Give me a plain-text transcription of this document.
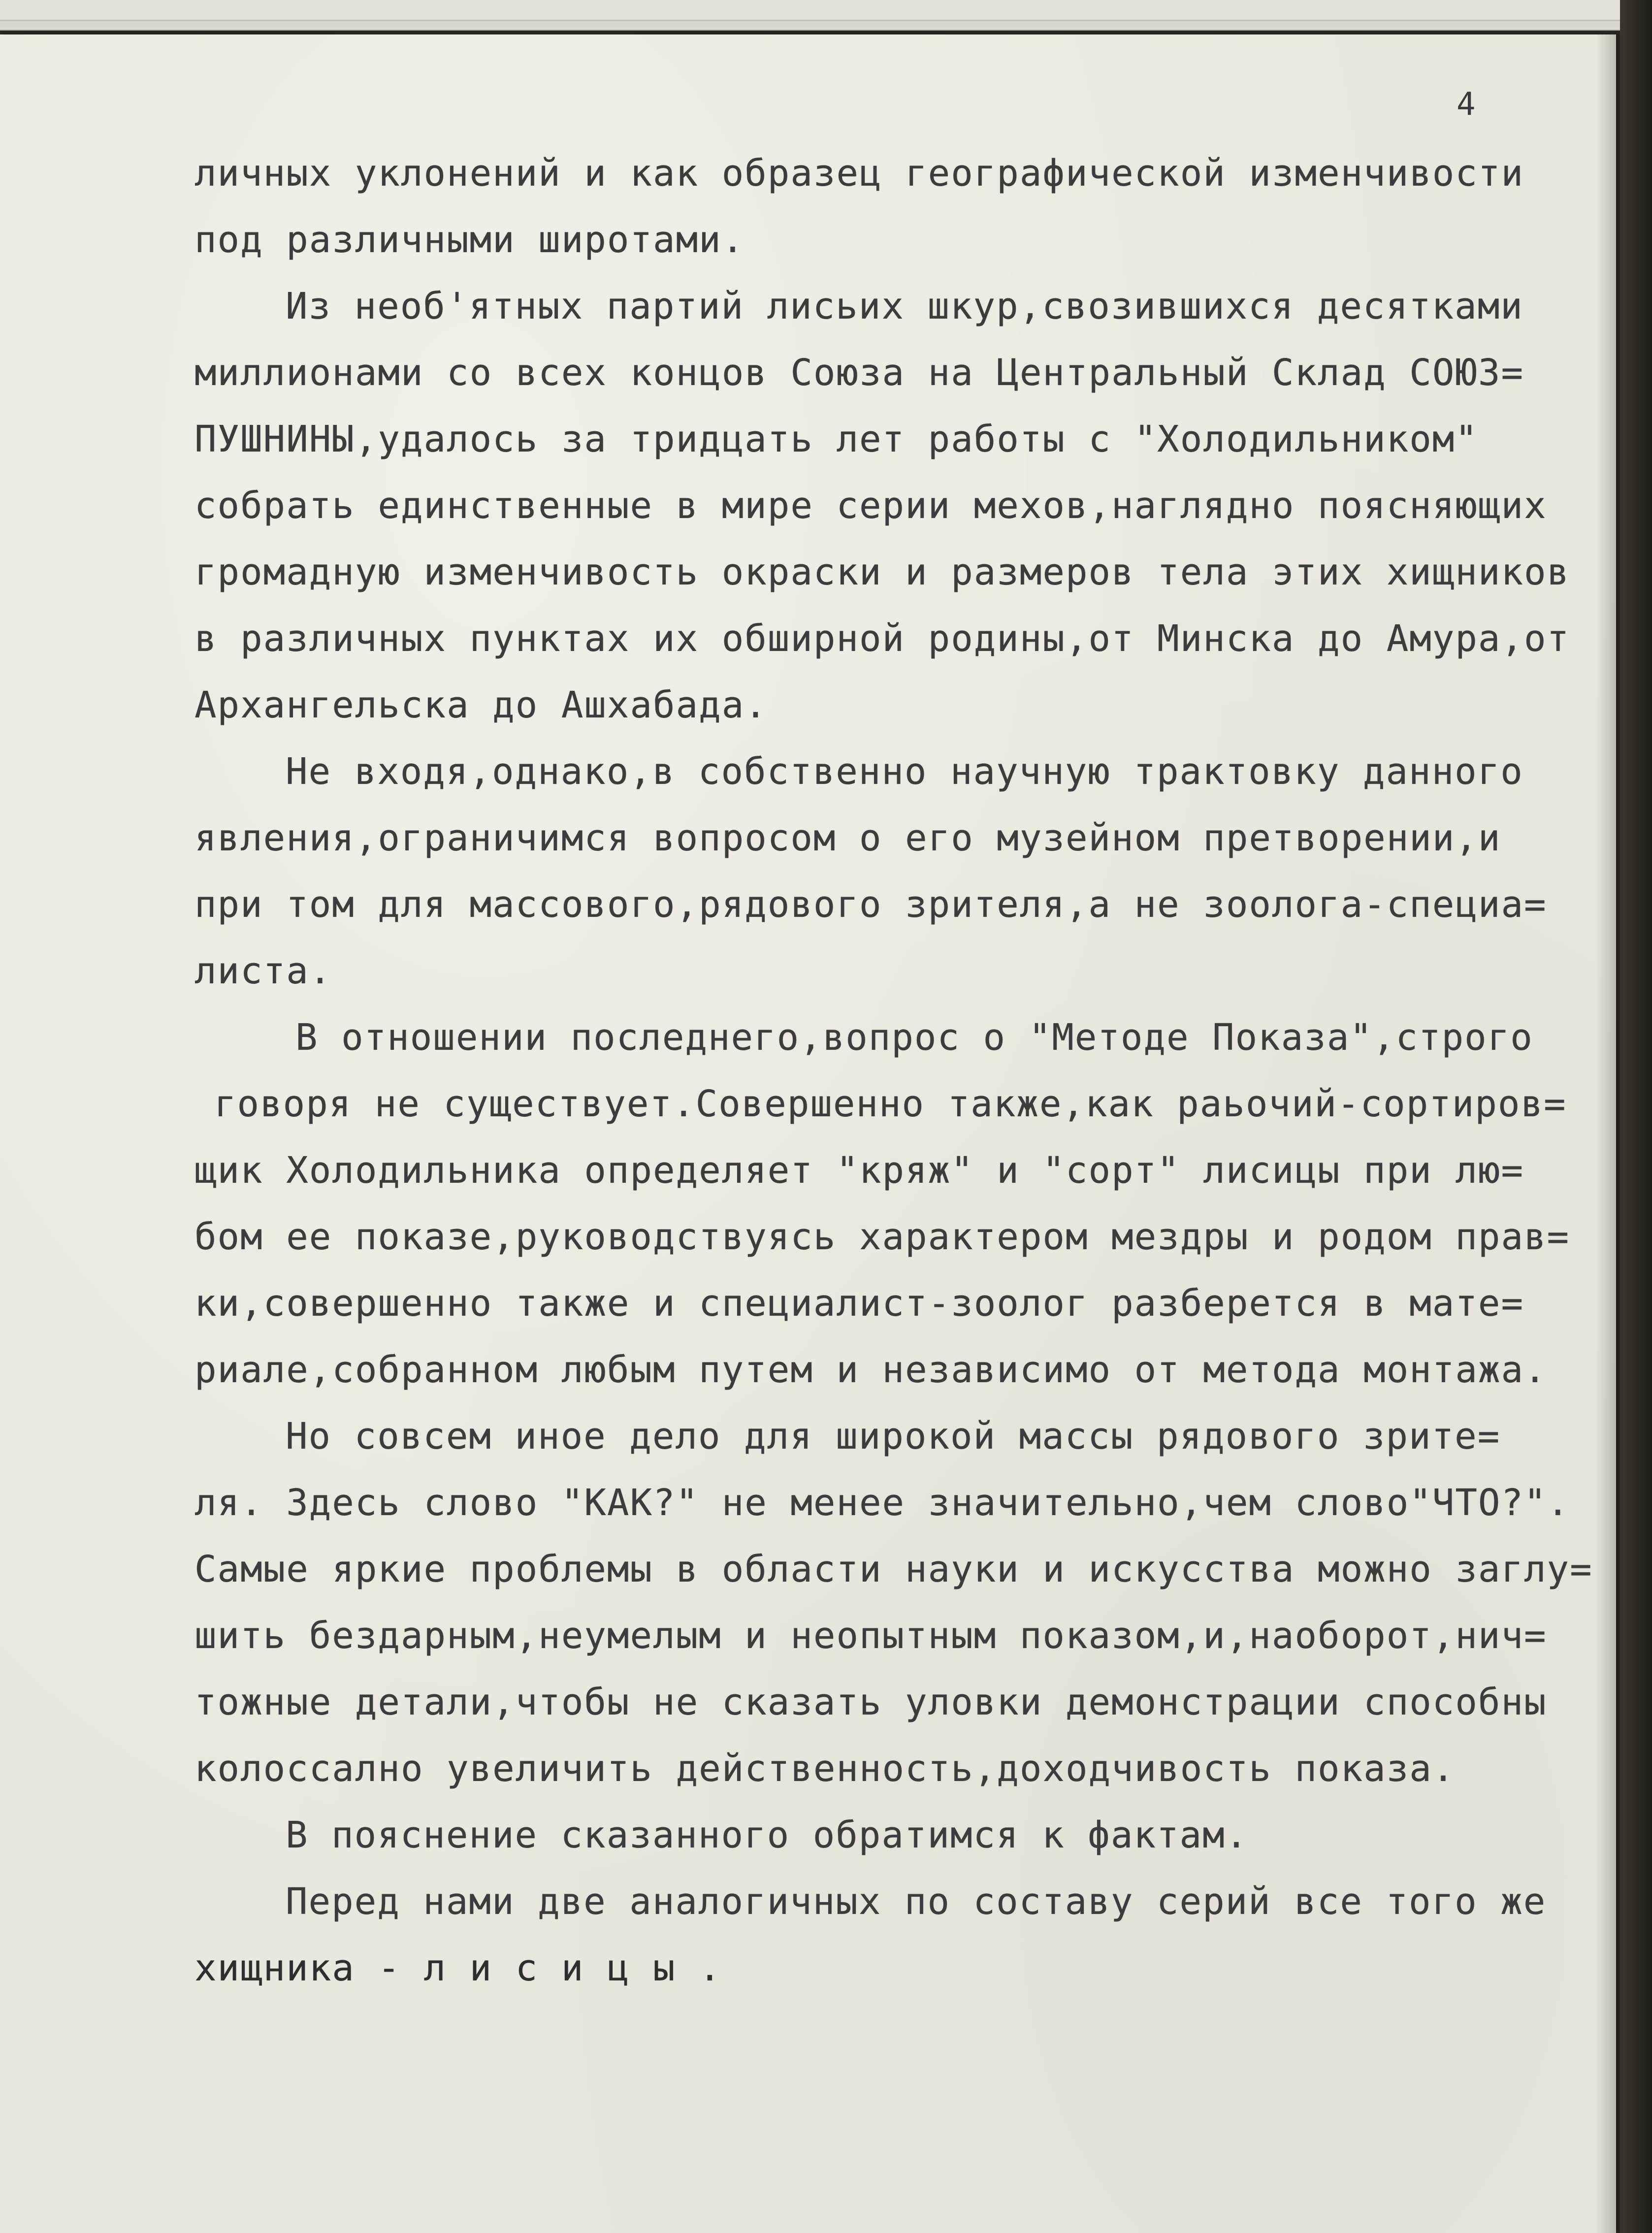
4
личных уклонений и как образец географической изменчивости
под различными широтами.
Из необ'ятных партий лисьих шкур,свозившихся десятками
миллионами со всех концов Союза на Центральный Склад СОЮЗ=
ПУШНИНЫ,удалось за тридцать лет работы с "Холодильником"
собрать единственные в мире серии мехов,наглядно поясняющих
громадную изменчивость окраски и размеров тела этих хищников
в различных пунктах их обширной родины,от Минска до Амура,от
Архангельска до Ашхабада.
Не входя,однако,в собственно научную трактовку данного
явления,ограничимся вопросом о его музейном претворении,и
при том для массового,рядового зрителя,а не зоолога-специа=
листа.
В отношении последнего,вопрос о "Методе Показа",строго
говоря не существует.Совершенно также,как раьочий-сортиров=
щик Холодильника определяет "кряж" и "сорт" лисицы при лю=
бом ее показе,руководствуясь характером мездры и родом прав=
ки,совершенно также и специалист-зоолог разберется в мате=
риале,собранном любым путем и независимо от метода монтажа.
Но совсем иное дело для широкой массы рядового зрите=
ля. Здесь слово "КАК?" не менее значительно,чем слово"ЧТО?".
Самые яркие проблемы в области науки и искусства можно заглу=
шить бездарным,неумелым и неопытным показом,и,наоборот,нич=
тожные детали,чтобы не сказать уловки демонстрации способны
колоссално увеличить действенность,доходчивость показа.
В пояснение сказанного обратимся к фактам.
Перед нами две аналогичных по составу серий все того же
хищника - л и с и ц ы .
